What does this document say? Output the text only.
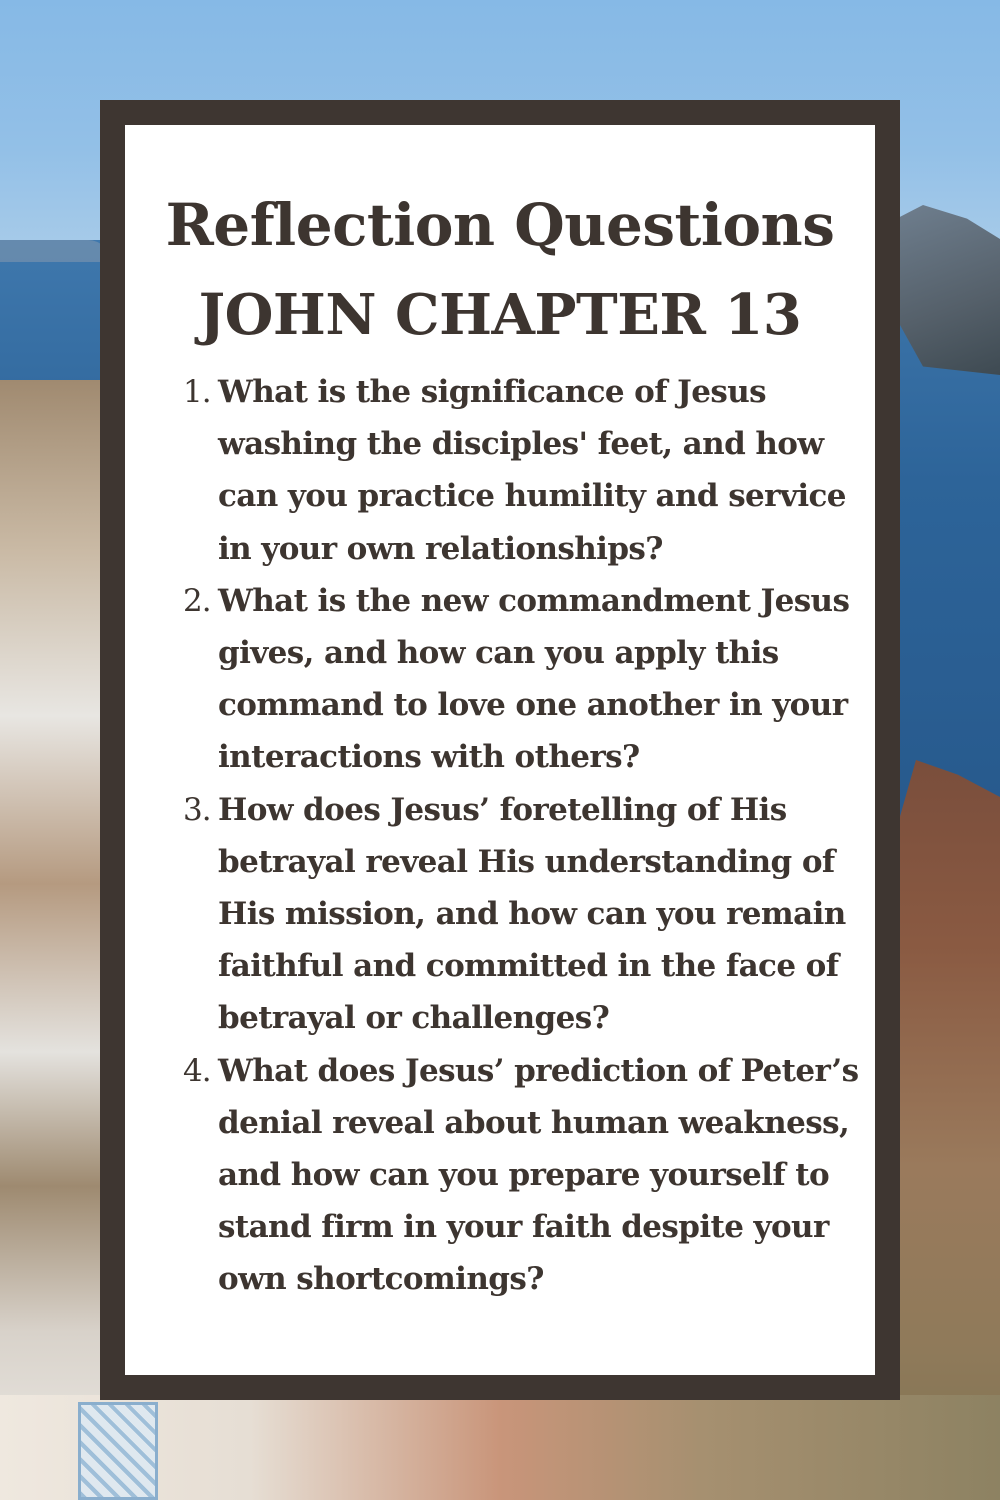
Reflection Questions
JOHN CHAPTER 13
1. What is the significance of Jesus washing the disciples' feet, and how can you practice humility and service in your own relationships?
2. What is the new commandment Jesus gives, and how can you apply this command to love one another in your interactions with others?
3. How does Jesus’ foretelling of His betrayal reveal His understanding of His mission, and how can you remain faithful and committed in the face of betrayal or challenges?
4. What does Jesus’ prediction of Peter’s denial reveal about human weakness, and how can you prepare yourself to stand firm in your faith despite your own shortcomings?
